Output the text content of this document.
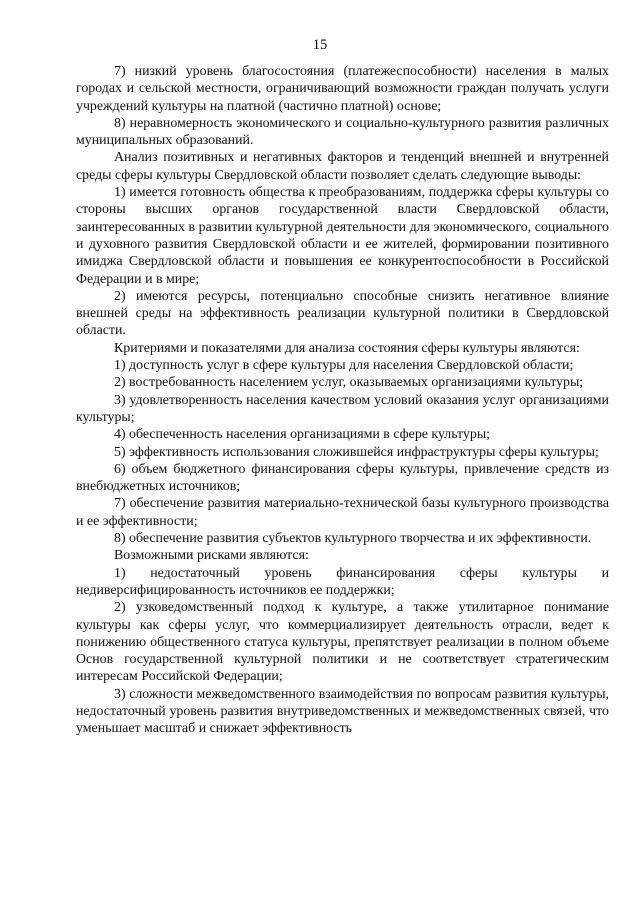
15

7) низкий уровень благосостояния (платежеспособности) населения в малых городах и сельской местности, ограничивающий возможности граждан получать услуги учреждений культуры на платной (частично платной) основе;

8) неравномерность экономического и социально-культурного развития различных муниципальных образований.

Анализ позитивных и негативных факторов и тенденций внешней и внутренней среды сферы культуры Свердловской области позволяет сделать следующие выводы:

1) имеется готовность общества к преобразованиям, поддержка сферы культуры со стороны высших органов государственной власти Свердловской области, заинтересованных в развитии культурной деятельности для экономического, социального и духовного развития Свердловской области и ее жителей, формировании позитивного имиджа Свердловской области и повышения ее конкурентоспособности в Российской Федерации и в мире;

2) имеются ресурсы, потенциально способные снизить негативное влияние внешней среды на эффективность реализации культурной политики в Свердловской области.

Критериями и показателями для анализа состояния сферы культуры являются:

1) доступность услуг в сфере культуры для населения Свердловской области;

2) востребованность населением услуг, оказываемых организациями культуры;

3) удовлетворенность населения качеством условий оказания услуг организациями культуры;

4) обеспеченность населения организациями в сфере культуры;

5) эффективность использования сложившейся инфраструктуры сферы культуры;

6) объем бюджетного финансирования сферы культуры, привлечение средств из внебюджетных источников;

7) обеспечение развития материально-технической базы культурного производства и ее эффективности;

8) обеспечение развития субъектов культурного творчества и их эффективности.

Возможными рисками являются:

1) недостаточный уровень финансирования сферы культуры и недиверсифицированность источников ее поддержки;

2) узковедомственный подход к культуре, а также утилитарное понимание культуры как сферы услуг, что коммерциализирует деятельность отрасли, ведет к понижению общественного статуса культуры, препятствует реализации в полном объеме Основ государственной культурной политики и не соответствует стратегическим интересам Российской Федерации;

3) сложности межведомственного взаимодействия по вопросам развития культуры, недостаточный уровень развития внутриведомственных и межведомственных связей, что уменьшает масштаб и снижает эффективность
